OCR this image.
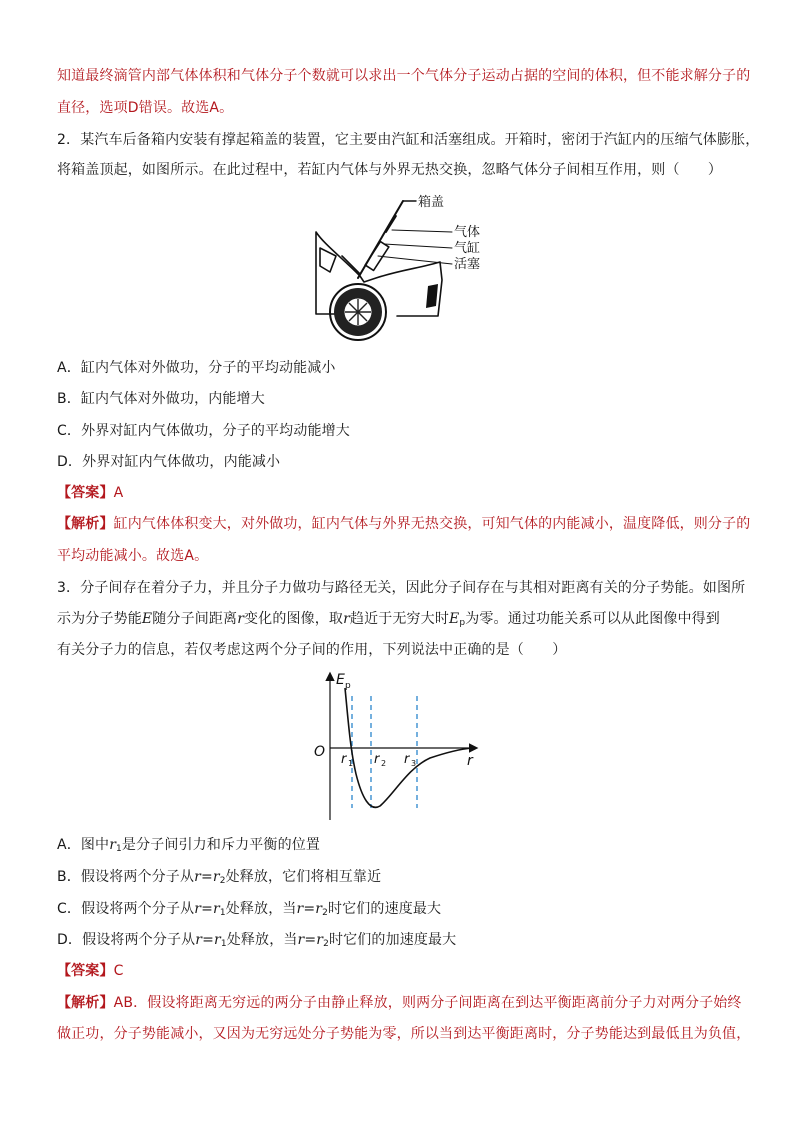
知道最终滴管内部气体体积和气体分子个数就可以求出一个气体分子运动占据的空间的体积，但不能求解分子的
直径，选项D错误。故选A。
2．某汽车后备箱内安装有撑起箱盖的装置，它主要由汽缸和活塞组成。开箱时，密闭于汽缸内的压缩气体膨胀，
将箱盖顶起，如图所示。在此过程中，若缸内气体与外界无热交换，忽略气体分子间相互作用，则（　　）
箱盖
气体
气缸
活塞
A．缸内气体对外做功，分子的平均动能减小
B．缸内气体对外做功，内能增大
C．外界对缸内气体做功，分子的平均动能增大
D．外界对缸内气体做功，内能减小
【答案】A
【解析】缸内气体体积变大，对外做功，缸内气体与外界无热交换，可知气体的内能减小，温度降低，则分子的
平均动能减小。故选A。
3．分子间存在着分子力，并且分子力做功与路径无关，因此分子间存在与其相对距离有关的分子势能。如图所
示为分子势能E随分子间距离r变化的图像，取r趋近于无穷大时$E_p$为零。通过功能关系可以从此图像中得到
有关分子力的信息，若仅考虑这两个分子间的作用，下列说法中正确的是（　　）
E p
O
r
r 1 r 2 r 3
A．图中$r_1$是分子间引力和斥力平衡的位置
B．假设将两个分子从$r=r_2$处释放，它们将相互靠近
C．假设将两个分子从$r=r_1$处释放，当$r=r_2$时它们的速度最大
D．假设将两个分子从$r=r_1$处释放，当$r=r_2$时它们的加速度最大
【答案】C
【解析】AB．假设将距离无穷远的两分子由静止释放，则两分子间距离在到达平衡距离前分子力对两分子始终
做正功，分子势能减小，又因为无穷远处分子势能为零，所以当到达平衡距离时，分子势能达到最低且为负值，
